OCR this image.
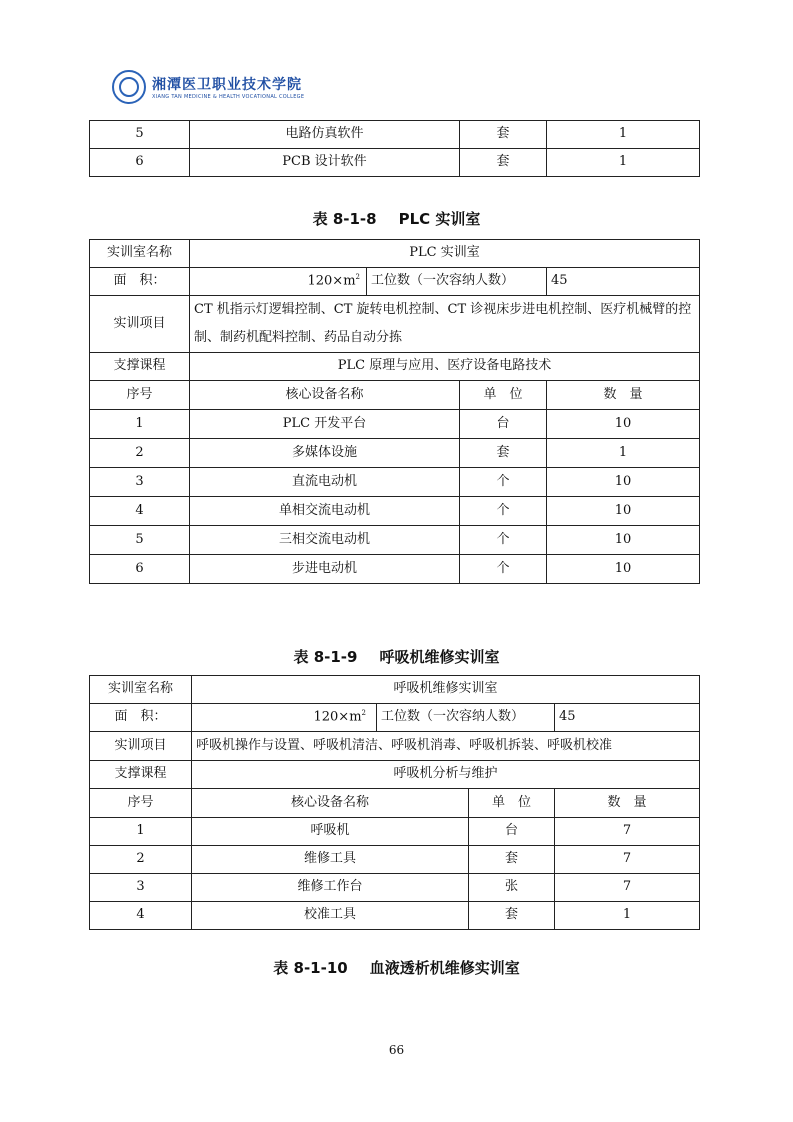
湘潭医卫职业技术学院
XIANG TAN MEDICINE & HEALTH VOCATIONAL COLLEGE
5	电路仿真软件	套	1
6	PCB 设计软件	套	1
表 8-1-8 PLC 实训室
实训室名称	PLC 实训室			
面　积：	$120\times m^2$	工位数（一次容纳人数）		45
实训项目	CT 机指示灯逻辑控制、CT 旋转电机控制、CT 诊视床步进电机控制、医疗机械臂的控制、制药机配料控制、药品自动分拣			
支撑课程	PLC 原理与应用、医疗设备电路技术			
序号	核心设备名称		单　位	数　量
1	PLC 开发平台		台	10
2	多媒体设施		套	1
3	直流电动机		个	10
4	单相交流电动机		个	10
5	三相交流电动机		个	10
6	步进电动机		个	10
表 8-1-9 呼吸机维修实训室
实训室名称	呼吸机维修实训室			
面　积：	$120\times m^2$	工位数（一次容纳人数）		45
实训项目	呼吸机操作与设置、呼吸机清洁、呼吸机消毒、呼吸机拆装、呼吸机校准			
支撑课程	呼吸机分析与维护			
序号	核心设备名称		单　位	数　量
1	呼吸机		台	7
2	维修工具		套	7
3	维修工作台		张	7
4	校准工具		套	1
表 8-1-10 血液透析机维修实训室
66
